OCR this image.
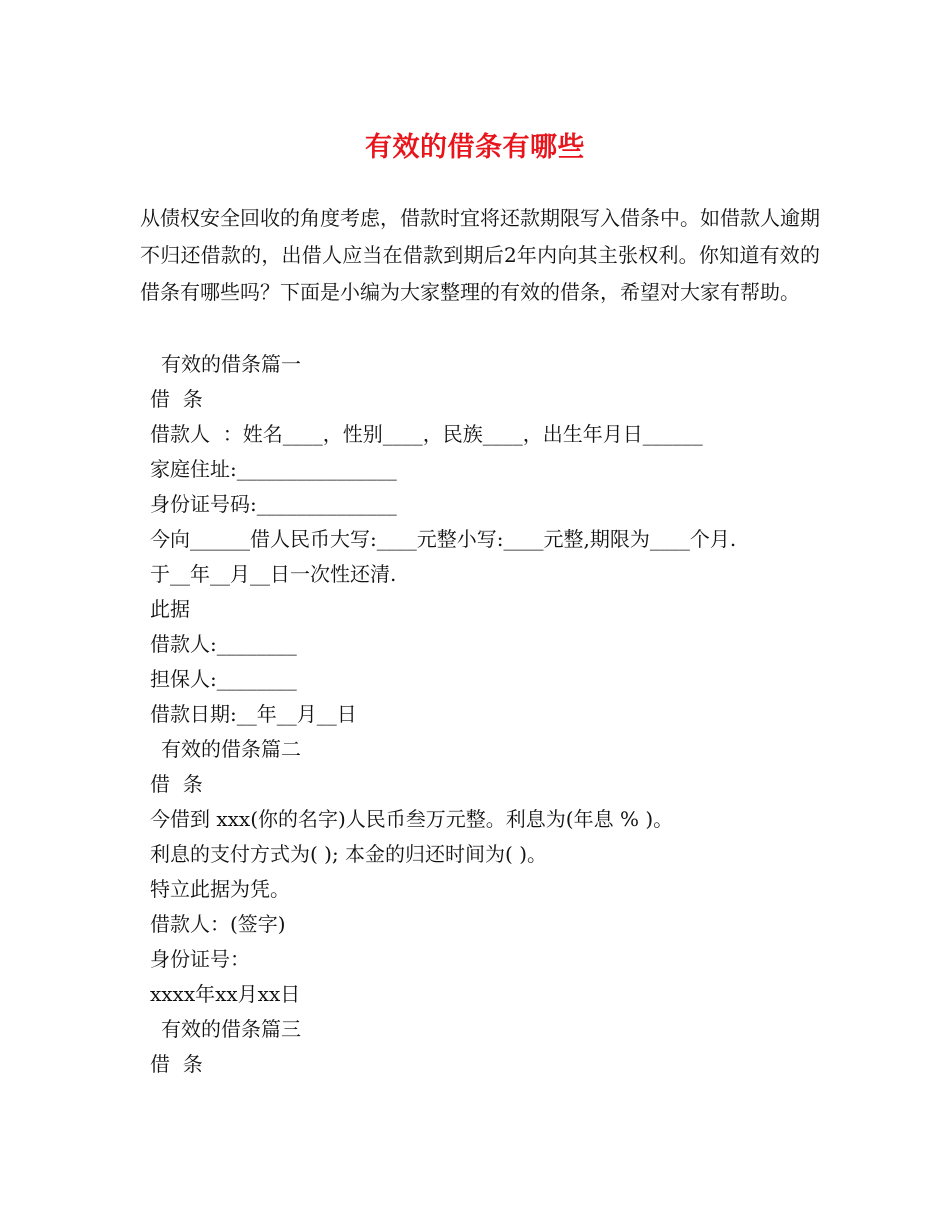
有效的借条有哪些

从债权安全回收的角度考虑，借款时宜将还款期限写入借条中。如借款人逾期不归还借款的，出借人应当在借款到期后2年内向其主张权利。你知道有效的借条有哪些吗？下面是小编为大家整理的有效的借条，希望对大家有帮助。

有效的借条篇一
借  条
借款人  ：姓名____，性别____，民族____，出生年月日______
家庭住址:________________
身份证号码:______________
今向______借人民币大写:____元整小写:____元整,期限为____个月.
于__年__月__日一次性还清.
此据
借款人:________
担保人:________
借款日期:__年__月__日
有效的借条篇二
借  条
今借到 xxx(你的名字)人民币叁万元整。利息为(年息 % )。
利息的支付方式为( ); 本金的归还时间为( )。
特立此据为凭。
借款人：(签字)
身份证号：
xxxx年xx月xx日
有效的借条篇三
借  条
